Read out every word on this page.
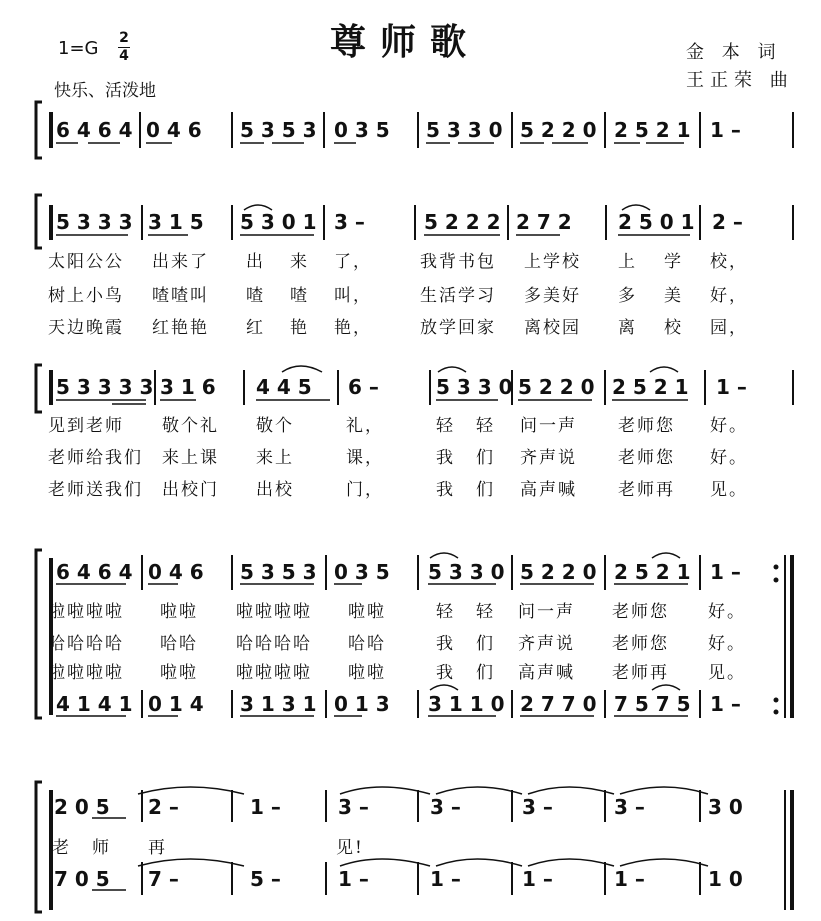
尊师歌
1=G 2
4
快乐、活泼地
金 本 词
王正荣 曲
6 4 6 4 0 4 6 5 3 5 3 0 3 5 5 3 3 0 5 2 2 0 2 5 2 1 1 –
5 3 3 3 3 1 5 5 3 0 1 3 –	5 2 2 2 2 7 2 2 5 0 1 2 –
太阳公公 出来了 出 来 了，	我背书包 上学校 上 学 校，
树上小鸟 喳喳叫 喳 喳 叫，	生活学习 多美好 多 美 好，
天边晚霞 红艳艳 红 艳 艳，	放学回家 离校园 离 校 园，
5 3 3 3 3 3 1 6 4 4 5 6 –	5 3 3 0 5 2 2 0 2 5 2 1 1 –
见到老师 敬个礼 敬个	礼，	轻 轻 问一声 老师您 好。
老师给我们 来上课 来上	课，	我 们 齐声说 老师您 好。
老师送我们 出校门 出校	门，	我 们 高声喊 老师再 见。
6 4 6 4 0 4 6 5 3 5 3 0 3 5 5 3 3 0 5 2 2 0 2 5 2 1 1 –
啦啦啦啦 啦啦 啦啦啦啦 啦啦	轻 轻 问一声 老师您 好。
哈哈哈哈 哈哈 哈哈哈哈 哈哈	我 们 齐声说 老师您 好。
啦啦啦啦 啦啦 啦啦啦啦 啦啦	我 们 高声喊 老师再 见。
4 1 4 1 0 1 4 3 1 3 1 0 1 3 3 1 1 0 2 7 7 0 7 5 7 5 1 –
2 0 5 2 –	1 –	3 –	3 –	3 –	3 –	3 0
老 师 再	见!
7 0 5 7 –	5 –	1 –	1 –	1 –	1 –	1 0
